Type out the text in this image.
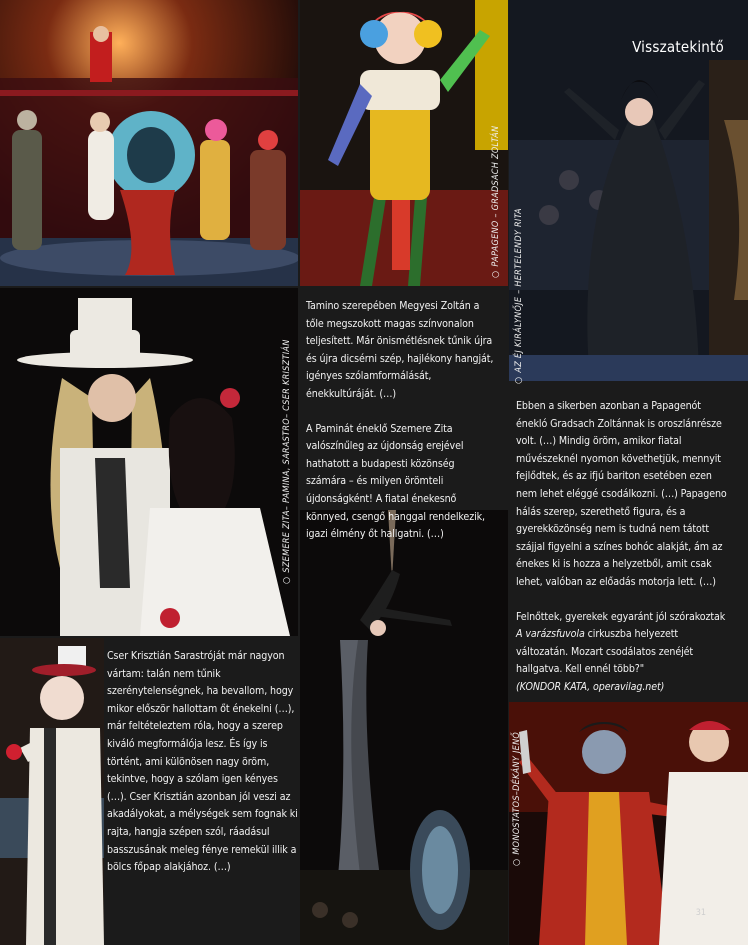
Visszatekintő
○PAPAGENO – GRADSACH ZOLTÁN
○AZ ÉJ KIRÁLYNŐJE – HERTELENDY RITA
○SZEMERE ZITA– PAMINA, SARASTRO– CSER KRISZTIÁN
○MONOSTATOS–DÉKÁNY JENŐ

Tamino szerepében Megyesi Zoltán a tőle megszokott magas színvonalon teljesített. Már önismétlésnek tűnik újra és újra dicsérni szép, hajlékony hangját, igényes szólamformálását, énekkultúráját. (…)

A Paminát éneklő Szemere Zita valószínűleg az újdonság erejével hathatott a budapesti közönség számára – és milyen örömteli újdonságként! A fiatal énekesnő könnyed, csengő hanggal rendelkezik, igazi élmény őt hallgatni. (…)

Ebben a sikerben azonban a Papagenót énekló Gradsach Zoltánnak is oroszlánrésze volt. (…) Mindig öröm, amikor fiatal művészeknél nyomon követhetjük, mennyit fejlődtek, és az ifjú bariton esetében ezen nem lehet eléggé csodálkozni. (…) Papageno hálás szerep, szerethető figura, és a gyerekközönség nem is tudná nem tátott szájjal figyelni a színes bohóc alakját, ám az énekes ki is hozza a helyzetből, amit csak lehet, valóban az előadás motorja lett. (…)

Felnőttek, gyerekek egyaránt jól szórakoztak A varázsfuvola cirkuszba helyezett változatán. Mozart csodálatos zenéjét hallgatva. Kell ennél több?"

(KONDOR KATA, operavilag.net)

Cser Krisztián Sarastróját már nagyon vártam: talán nem tűnik szerénytelenségnek, ha bevallom, hogy mikor először hallottam őt énekelni (…), már feltételeztem róla, hogy a szerep kiváló megformálója lesz. És így is történt, ami különösen nagy öröm, tekintve, hogy a szólam igen kényes (…). Cser Krisztián azonban jól veszi az akadályokat, a mélységek sem fognak ki rajta, hangja szépen szól, ráadásul basszusának meleg fénye remekül illik a bölcs főpap alakjához. (…)

31
